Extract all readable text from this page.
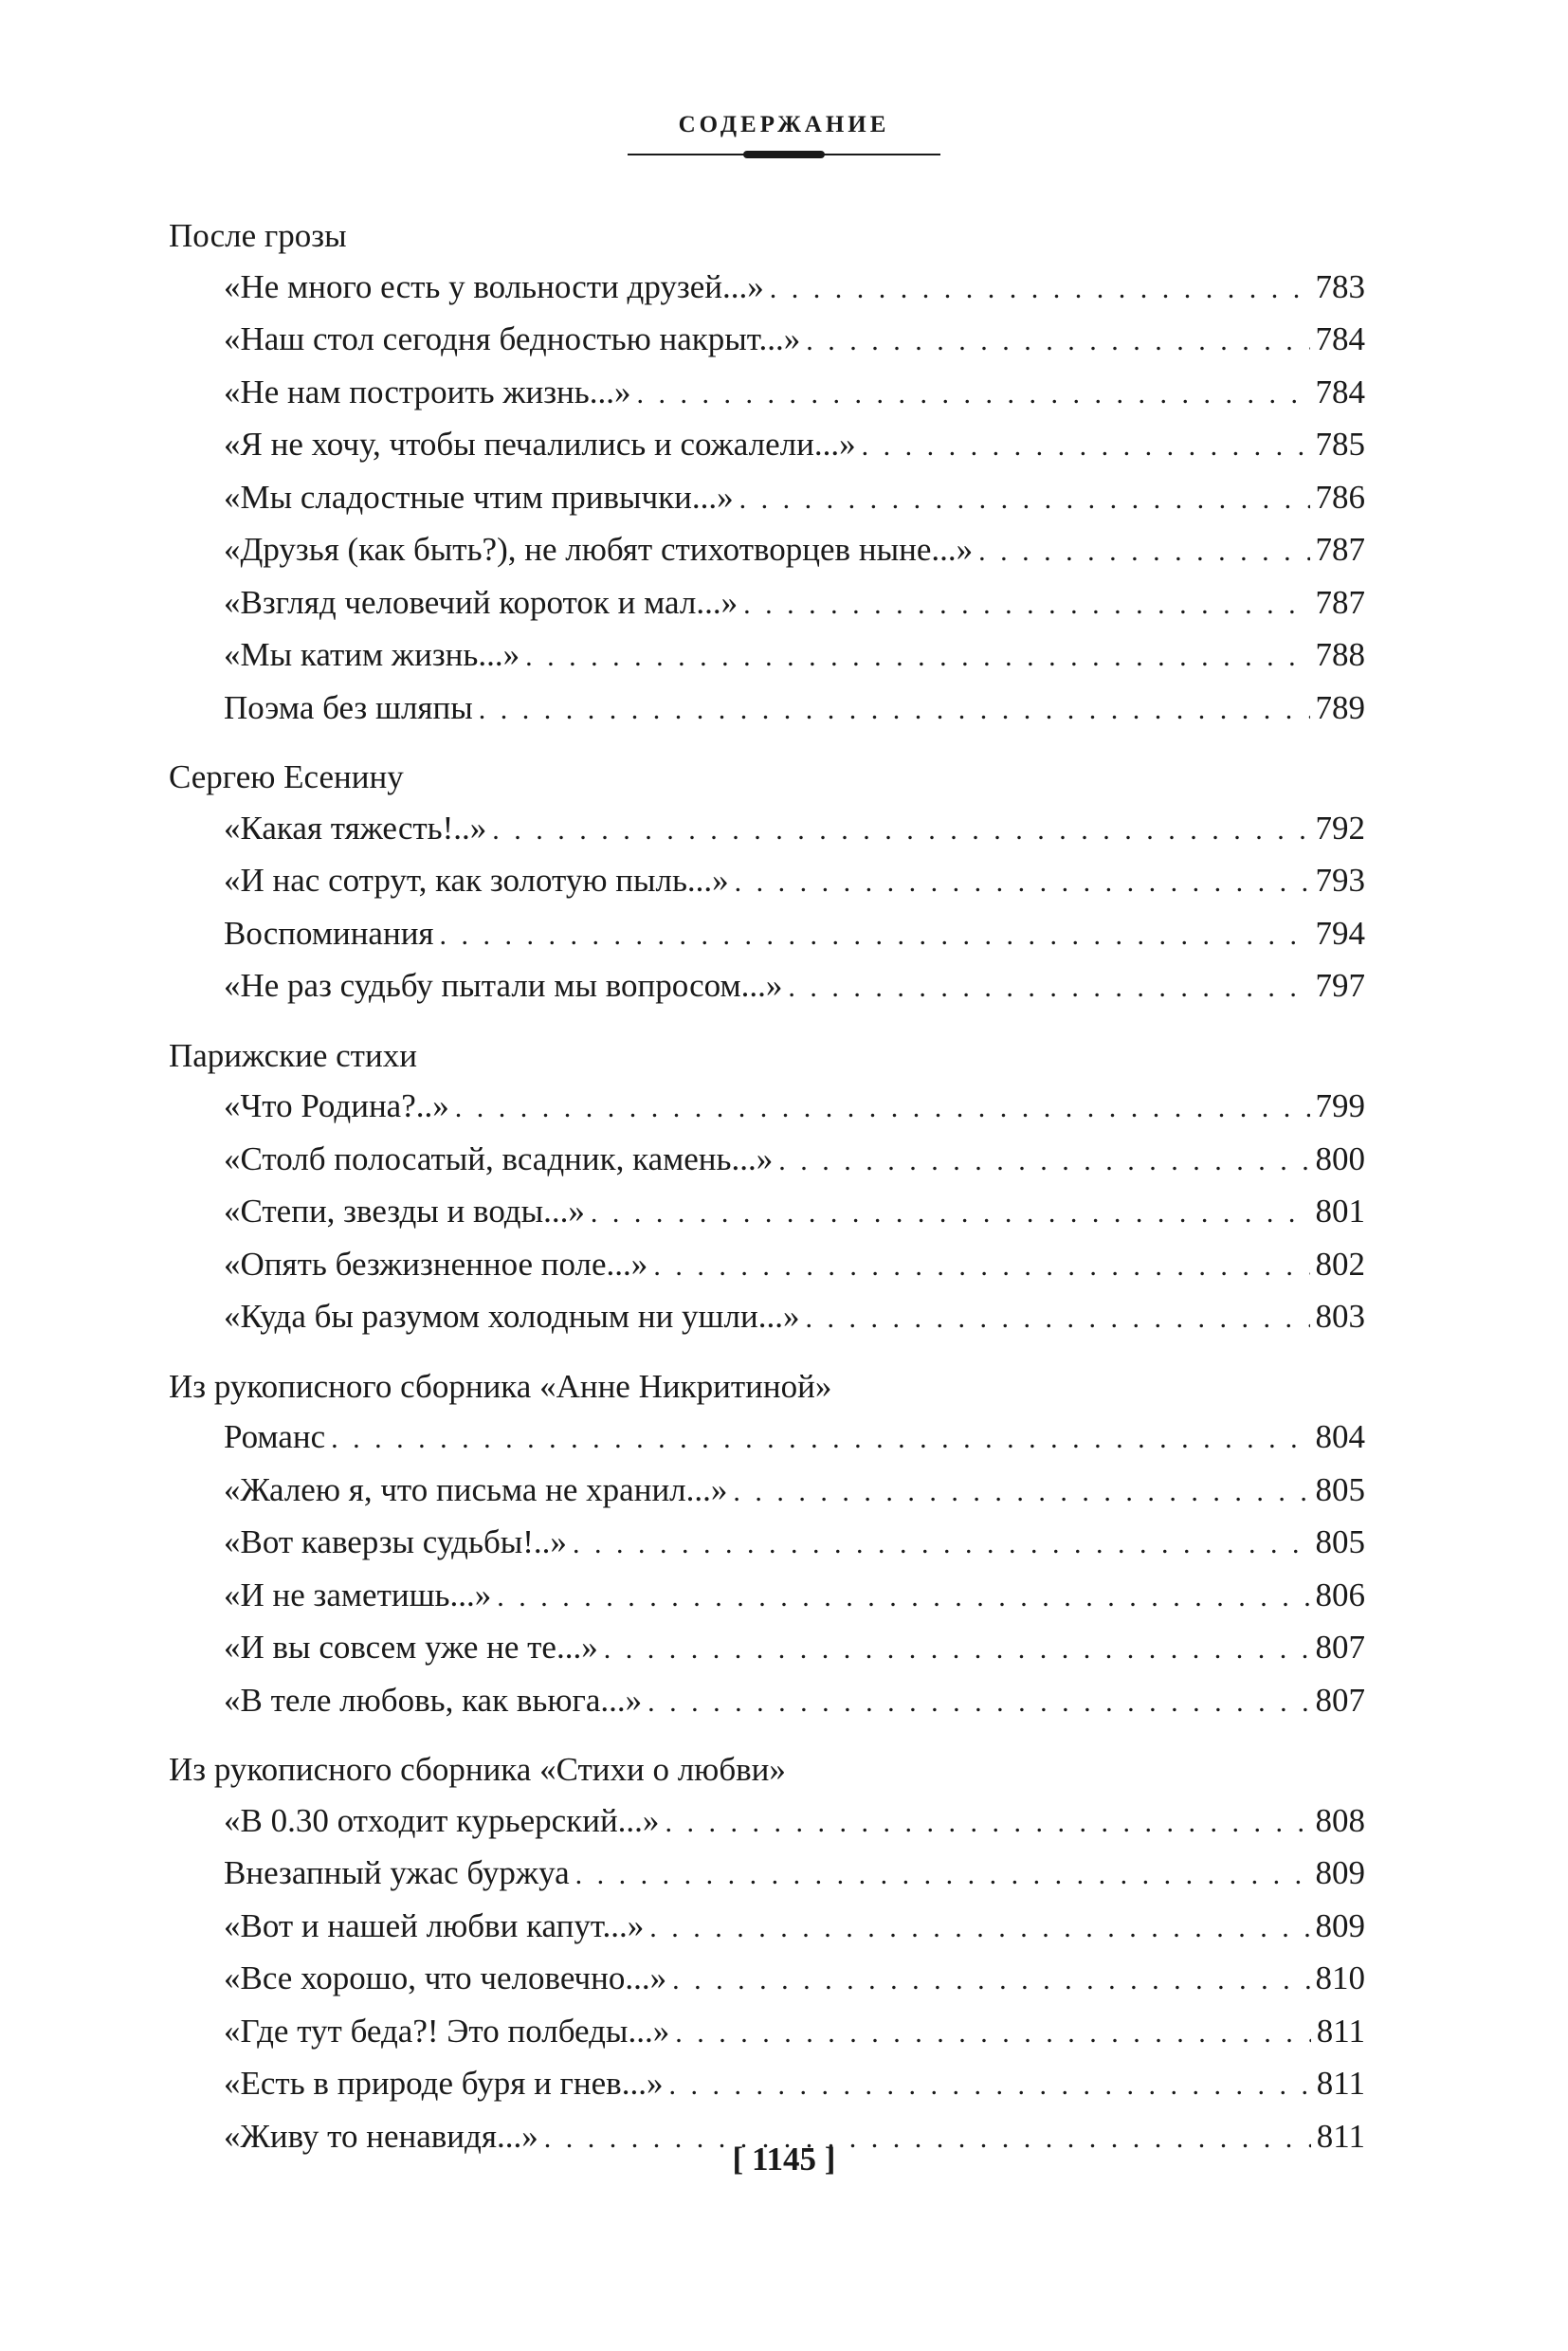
СОДЕРЖАНИЕ
После грозы
«Не много есть у вольности друзей...» . . .	783
«Наш стол сегодня бедностью накрыт...» . . .	784
«Не нам построить жизнь...» . . .	784
«Я не хочу, чтобы печалились и сожалели...» . . .	785
«Мы сладостные чтим привычки...» . . .	786
«Друзья (как быть?), не любят стихотворцев ныне...» . . .	787
«Взгляд человечий короток и мал...» . . .	787
«Мы катим жизнь...» . . .	788
Поэма без шляпы . . .	789
Сергею Есенину
«Какая тяжесть!..» . . .	792
«И нас сотрут, как золотую пыль...» . . .	793
Воспоминания . . .	794
«Не раз судьбу пытали мы вопросом...» . . .	797
Парижские стихи
«Что Родина?..» . . .	799
«Столб полосатый, всадник, камень...» . . .	800
«Степи, звезды и воды...» . . .	801
«Опять безжизненное поле...» . . .	802
«Куда бы разумом холодным ни ушли...» . . .	803
Из рукописного сборника «Анне Никритиной»
Романс . . .	804
«Жалею я, что письма не хранил...» . . .	805
«Вот каверзы судьбы!..» . . .	805
«И не заметишь...» . . .	806
«И вы совсем уже не те...» . . .	807
«В теле любовь, как вьюга...» . . .	807
Из рукописного сборника «Стихи о любви»
«В 0.30 отходит курьерский...» . . .	808
Внезапный ужас буржуа . . .	809
«Вот и нашей любви капут...» . . .	809
«Все хорошо, что человечно...» . . .	810
«Где тут беда?! Это полбеды...» . . .	811
«Есть в природе буря и гнев...» . . .	811
«Живу то ненавидя...» . . .	811
[ 1145 ]
